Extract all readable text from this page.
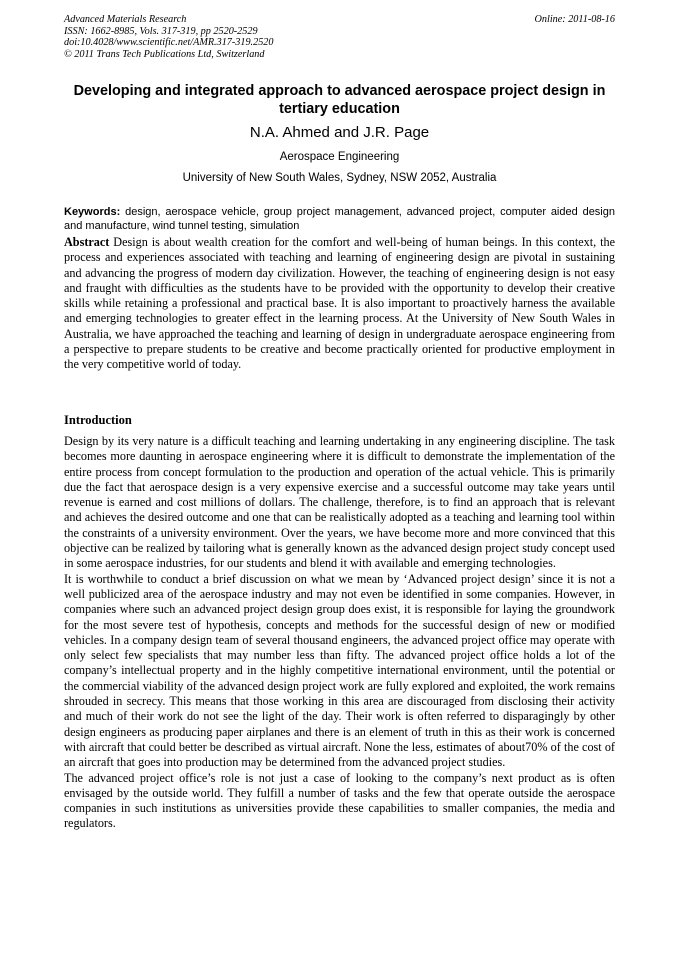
Advanced Materials Research
ISSN: 1662-8985, Vols. 317-319, pp 2520-2529
doi:10.4028/www.scientific.net/AMR.317-319.2520
© 2011 Trans Tech Publications Ltd, Switzerland
Online: 2011-08-16
Developing and integrated approach to advanced aerospace project design in tertiary education
N.A. Ahmed and J.R. Page
Aerospace Engineering
University of New South Wales, Sydney, NSW 2052, Australia
Keywords: design, aerospace vehicle, group project management, advanced project, computer aided design and manufacture, wind tunnel testing, simulation
Abstract Design is about wealth creation for the comfort and well-being of human beings. In this context, the process and experiences associated with teaching and learning of engineering design are pivotal in sustaining and advancing the progress of modern day civilization. However, the teaching of engineering design is not easy and fraught with difficulties as the students have to be provided with the opportunity to develop their creative skills while retaining a professional and practical base. It is also important to proactively harness the available and emerging technologies to greater effect in the learning process. At the University of New South Wales in Australia, we have approached the teaching and learning of design in undergraduate aerospace engineering from a perspective to prepare students to be creative and become practically oriented for productive employment in the very competitive world of today.
Introduction

Design by its very nature is a difficult teaching and learning undertaking in any engineering discipline. The task becomes more daunting in aerospace engineering where it is difficult to demonstrate the implementation of the entire process from concept formulation to the production and operation of the actual vehicle. This is primarily due the fact that aerospace design is a very expensive exercise and a successful outcome may take years until revenue is earned and cost millions of dollars. The challenge, therefore, is to find an approach that is relevant and achieves the desired outcome and one that can be realistically adopted as a teaching and learning tool within the constraints of a university environment. Over the years, we have become more and more convinced that this objective can be realized by tailoring what is generally known as the advanced design project study concept used in some aerospace industries, for our students and blend it with available and emerging technologies.

It is worthwhile to conduct a brief discussion on what we mean by ‘Advanced project design’ since it is not a well publicized area of the aerospace industry and may not even be identified in some companies. However, in companies where such an advanced project design group does exist, it is responsible for laying the groundwork for the most severe test of hypothesis, concepts and methods for the successful design of new or modified vehicles. In a company design team of several thousand engineers, the advanced project office may operate with only select few specialists that may number less than fifty. The advanced project office holds a lot of the company’s intellectual property and in the highly competitive international environment, until the potential or the commercial viability of the advanced design project work are fully explored and exploited, the work remains shrouded in secrecy. This means that those working in this area are discouraged from disclosing their activity and much of their work do not see the light of the day. Their work is often referred to disparagingly by other design engineers as producing paper airplanes and there is an element of truth in this as their work is concerned with aircraft that could better be described as virtual aircraft. None the less, estimates of about70% of the cost of an aircraft that goes into production may be determined from the advanced project studies.

The advanced project office’s role is not just a case of looking to the company’s next product as is often envisaged by the outside world. They fulfill a number of tasks and the few that operate outside the aerospace companies in such institutions as universities provide these capabilities to smaller companies, the media and regulators.
